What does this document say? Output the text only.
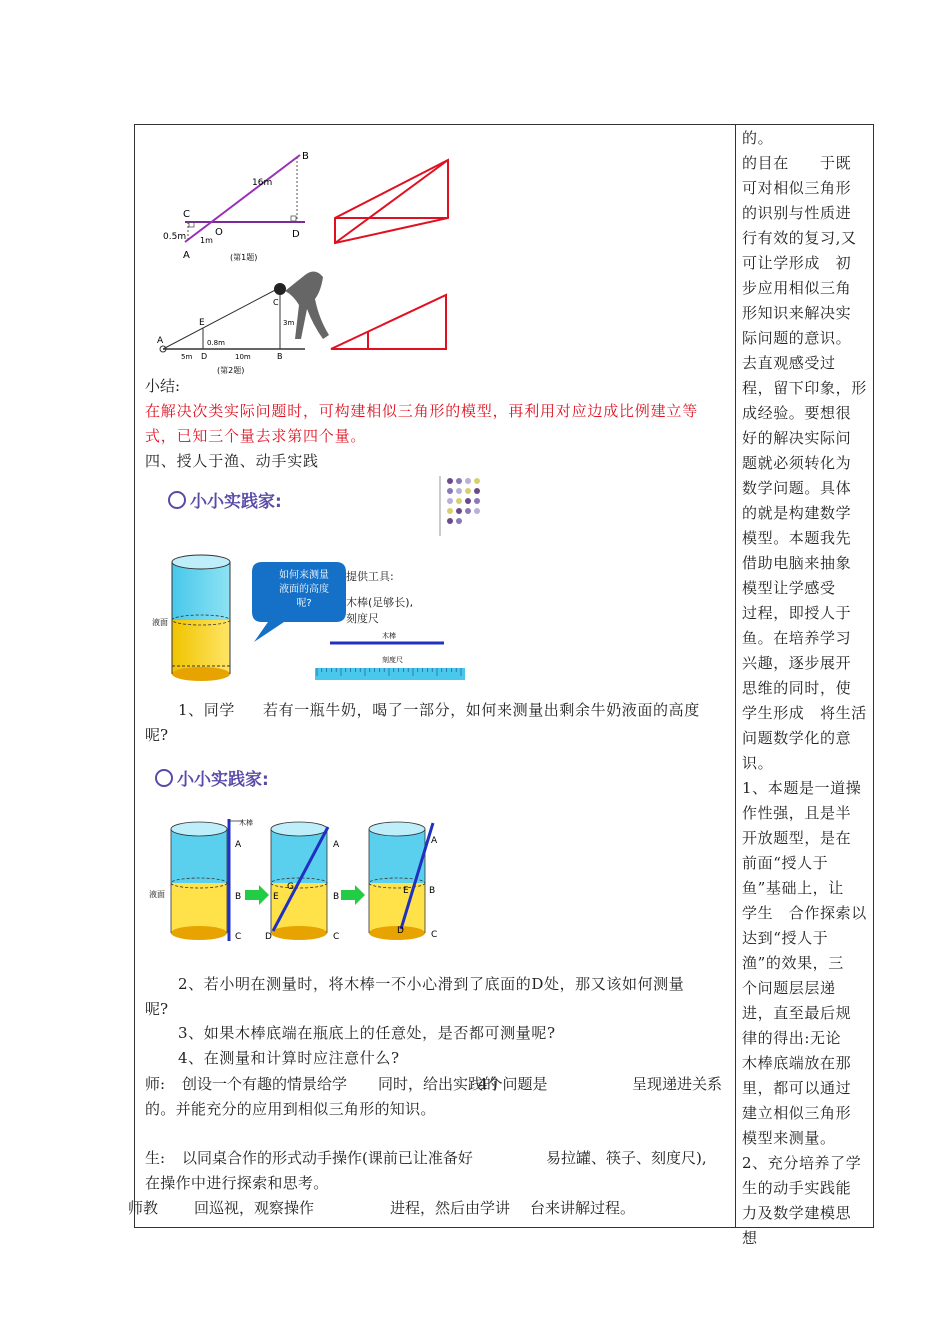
B
16m
C
0.5m	O	D
1m
A	(第1题)
A
E
0.8m
5m D	10m	B
C
3m
(第2题)
小结:
在解决次类实际问题时，可构建相似三角形的模型，再利用对应边成比例建立等
式，已知三个量去求第四个量。
四、授人于渔、动手实践
小小实践家:
液面
如何来测量
液面的高度
呢?
提供工具:
木棒(足够长),
刻度尺
木棒
刻度尺
1、同学 若有一瓶牛奶，喝了一部分，如何来测量出剩余牛奶液面的高度
呢?
小小实践家:
木棒
液面
A
B
C
E
A
G
D	C
B
A
B
E
D	C
2、若小明在测量时，将木棒一不小心滑到了底面的D处，那又该如何测量
呢?
3、如果木棒底端在瓶底上的任意处，是否都可测量呢?
4、在测量和计算时应注意什么?
师: 创设一个有趣的情景给学 同时，给出实践的
4个问题是	呈现递进关系
的。并能充分的应用到相似三角形的知识。
生: 以同桌合作的形式动手操作(课前已让准备好	易拉罐、筷子、刻度尺),
在操作中进行探索和思考。
师教 回巡视，观察操作	进程，然后由学讲 台来讲解过程。
的。
的目在　　于既
可对相似三角形
的识别与性质进
行有效的复习,又
可让学形成　初
步应用相似三角
形知识来解决实
际问题的意识。
去直观感受过
程，留下印象，形
成经验。要想很
好的解决实际问
题就必须转化为
数学问题。具体
的就是构建数学
模型。本题我先
借助电脑来抽象
模型让学感受
过程，即授人于
鱼。在培养学习
兴趣，逐步展开
思维的同时，使
学生形成　将生活
问题数学化的意
识。
1、本题是一道操
作性强，且是半
开放题型，是在
前面“授人于
鱼”基础上，让
学生　合作探索以
达到“授人于
渔”的效果，三
个问题层层递
进，直至最后规
律的得出:无论
木棒底端放在那
里，都可以通过
建立相似三角形
模型来测量。
2、充分培养了学
生的动手实践能
力及数学建模思
想
